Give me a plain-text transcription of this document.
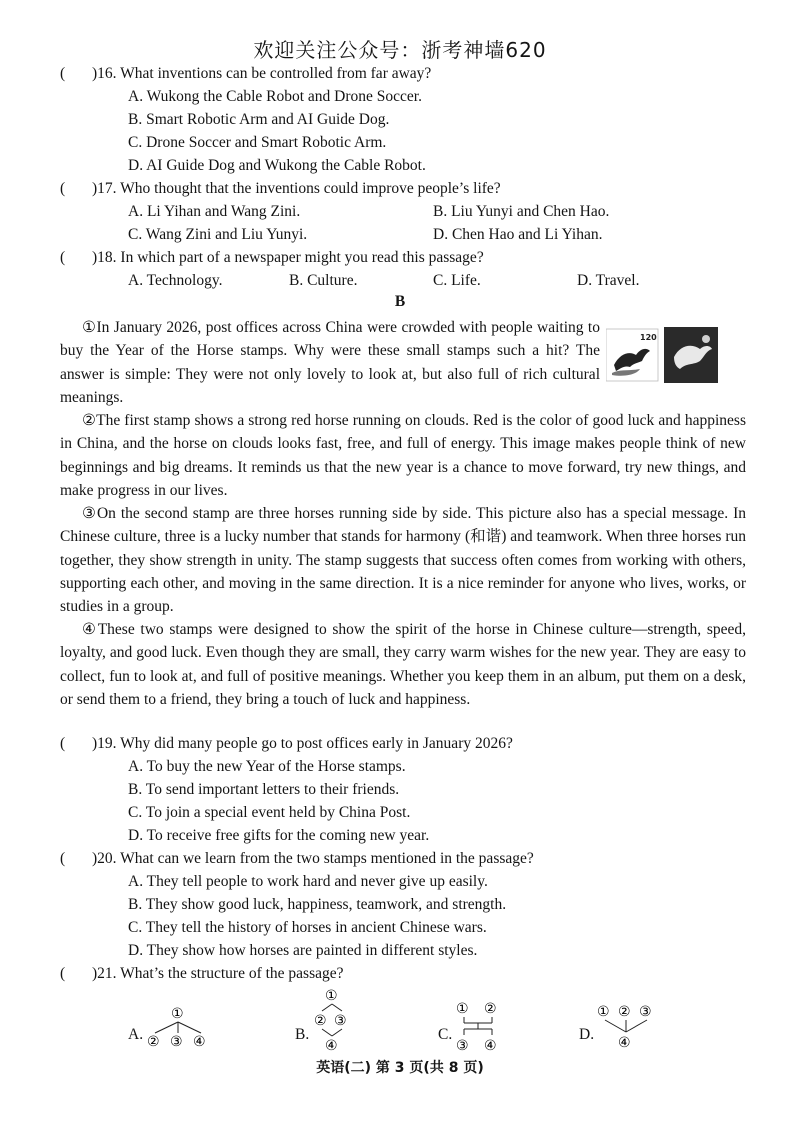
欢迎关注公众号：浙考神墙620
( )16. What inventions can be controlled from far away?
A. Wukong the Cable Robot and Drone Soccer.
B. Smart Robotic Arm and AI Guide Dog.
C. Drone Soccer and Smart Robotic Arm.
D. AI Guide Dog and Wukong the Cable Robot.
( )17. Who thought that the inventions could improve people’s life?
A. Li Yihan and Wang Zini.	B. Liu Yunyi and Chen Hao.
C. Wang Zini and Liu Yunyi.	D. Chen Hao and Li Yihan.
( )18. In which part of a newspaper might you read this passage?
A. Technology.	B. Culture.	C. Life.	D. Travel.
B
①In January 2026, post offices across China were crowded with people waiting to buy the Year of the Horse stamps. Why were these small stamps such a hit? The answer is simple: They were not only lovely to look at, but also full of rich cultural meanings.
120
②The first stamp shows a strong red horse running on clouds. Red is the color of good luck and happiness in China, and the horse on clouds looks fast, free, and full of energy. This image makes people think of new beginnings and big dreams. It reminds us that the new year is a chance to move forward, try new things, and make progress in our lives.
③On the second stamp are three horses running side by side. This picture also has a special message. In Chinese culture, three is a lucky number that stands for harmony (和谐) and teamwork. When three horses run together, they show strength in unity. The stamp suggests that success often comes from working with others, supporting each other, and moving in the same direction. It is a nice reminder for anyone who lives, works, or studies in a group.
④These two stamps were designed to show the spirit of the horse in Chinese culture—strength, speed, loyalty, and good luck. Even though they are small, they carry warm wishes for the new year. They are easy to collect, fun to look at, and full of positive meanings. Whether you keep them in an album, put them on a desk, or send them to a friend, they bring a touch of luck and happiness.
( )19. Why did many people go to post offices early in January 2026?
A. To buy the new Year of the Horse stamps.
B. To send important letters to their friends.
C. To join a special event held by China Post.
D. To receive free gifts for the coming new year.
( )20. What can we learn from the two stamps mentioned in the passage?
A. They tell people to work hard and never give up easily.
B. They show good luck, happiness, teamwork, and strength.
C. They tell the history of horses in ancient Chinese wars.
D. They show how horses are painted in different styles.
( )21. What’s the structure of the passage?
A.
①
② ③ ④	B.
①
② ③
④
C.
① ②
③ ④
D.
① ② ③
④
英语(二) 第 3 页(共 8 页)
